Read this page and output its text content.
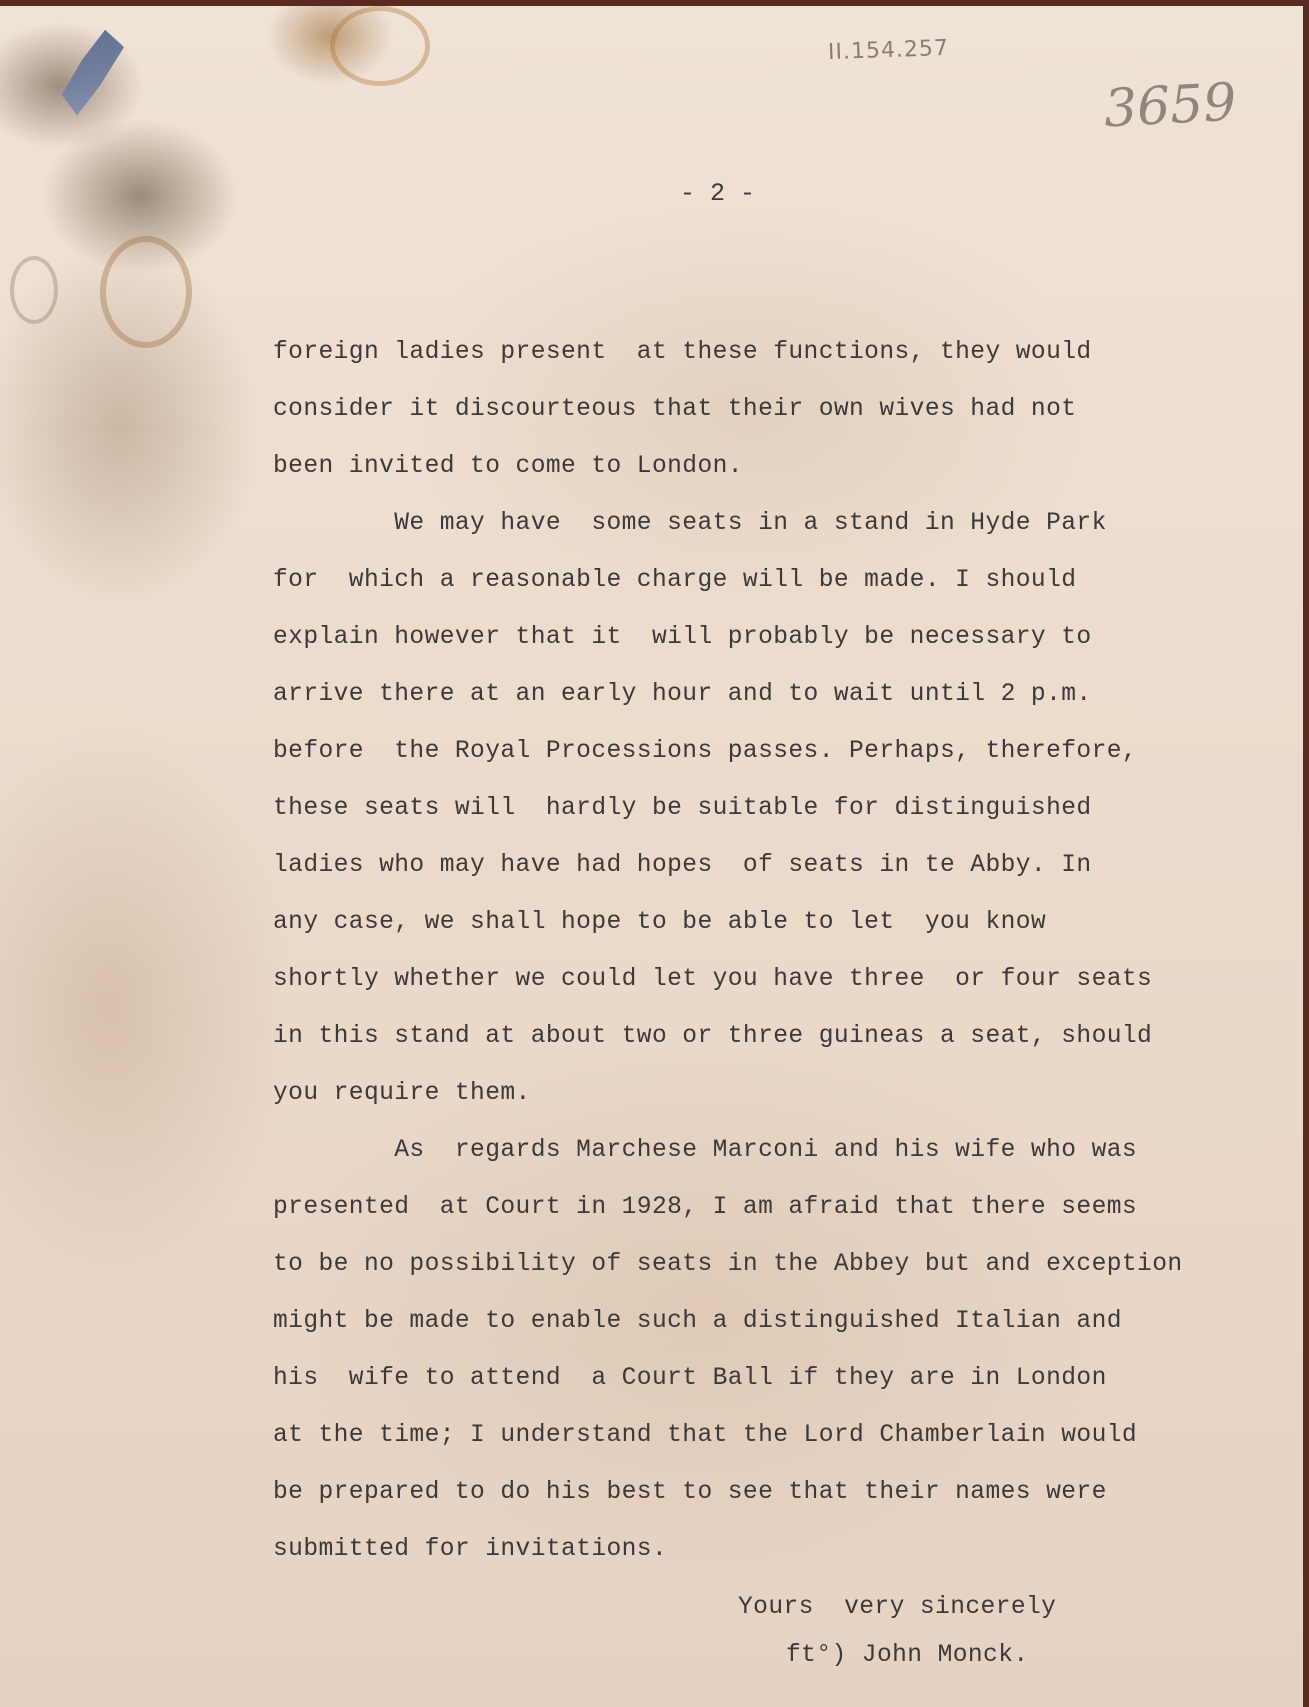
II.154.257
3659
- 2 -
foreign ladies present  at these functions, they would
consider it discourteous that their own wives had not
been invited to come to London.
We may have  some seats in a stand in Hyde Park
for  which a reasonable charge will be made. I should
explain however that it  will probably be necessary to
arrive there at an early hour and to wait until 2 p.m.
before  the Royal Processions passes. Perhaps, therefore,
these seats will  hardly be suitable for distinguished
ladies who may have had hopes  of seats in te Abby. In
any case, we shall hope to be able to let  you know
shortly whether we could let you have three  or four seats
in this stand at about two or three guineas a seat, should
you require them.
As  regards Marchese Marconi and his wife who was
presented  at Court in 1928, I am afraid that there seems
to be no possibility of seats in the Abbey but and exception
might be made to enable such a distinguished Italian and
his  wife to attend  a Court Ball if they are in London
at the time; I understand that the Lord Chamberlain would
be prepared to do his best to see that their names were
submitted for invitations.
Yours  very sincerely
ft°) John Monck.
